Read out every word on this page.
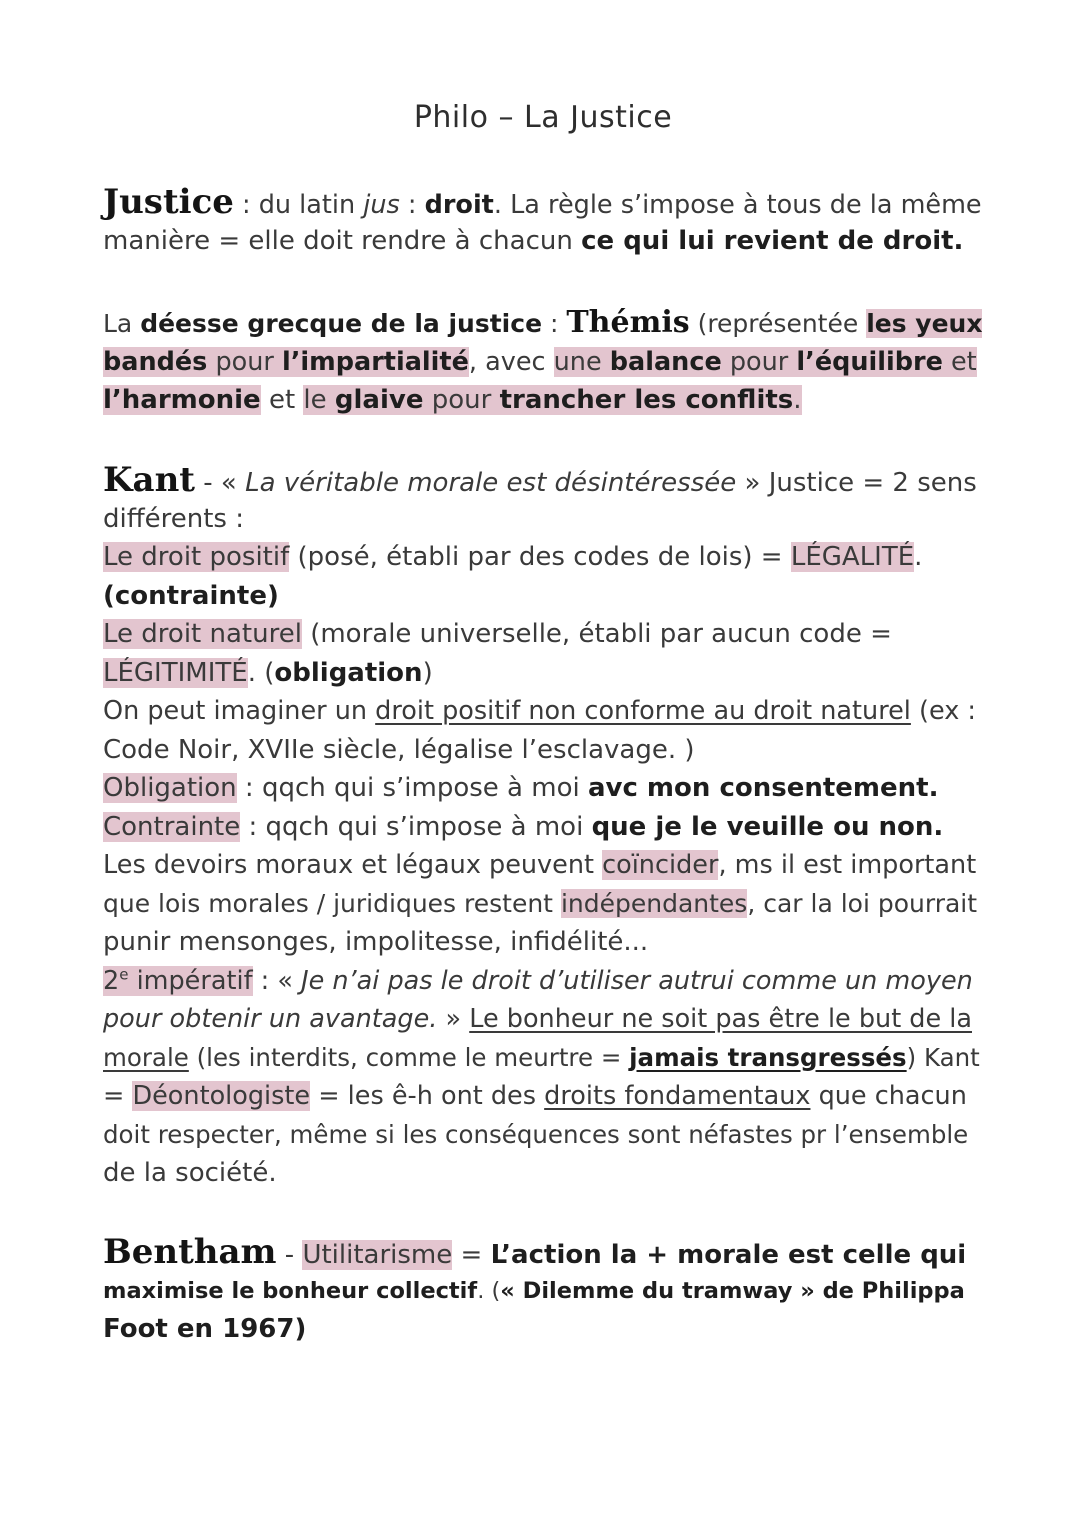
Philo – La Justice
Justice : du latin jus : droit. La règle s’impose à tous de la même
manière = elle doit rendre à chacun ce qui lui revient de droit.
La déesse grecque de la justice : Thémis (représentée les yeux
bandés pour l’impartialité, avec une balance pour l’équilibre et
l’harmonie et le glaive pour trancher les conflits.
Kant - « La véritable morale est désintéressée » Justice = 2 sens
différents :
Le droit positif (posé, établi par des codes de lois) = LÉGALITÉ.
(contrainte)
Le droit naturel (morale universelle, établi par aucun code =
LÉGITIMITÉ. (obligation)
On peut imaginer un droit positif non conforme au droit naturel (ex :
Code Noir, XVIIe siècle, légalise l’esclavage. )
Obligation : qqch qui s’impose à moi avc mon consentement.
Contrainte : qqch qui s’impose à moi que je le veuille ou non.
Les devoirs moraux et légaux peuvent coïncider, ms il est important
que lois morales / juridiques restent indépendantes, car la loi pourrait
punir mensonges, impolitesse, infidélité...
2e impératif : « Je n’ai pas le droit d’utiliser autrui comme un moyen
pour obtenir un avantage. » Le bonheur ne soit pas être le but de la
morale (les interdits, comme le meurtre = jamais transgressés) Kant
= Déontologiste = les ê-h ont des droits fondamentaux que chacun
doit respecter, même si les conséquences sont néfastes pr l’ensemble
de la société.
Bentham - Utilitarisme = L’action la + morale est celle qui
maximise le bonheur collectif. (« Dilemme du tramway » de Philippa
Foot en 1967)
